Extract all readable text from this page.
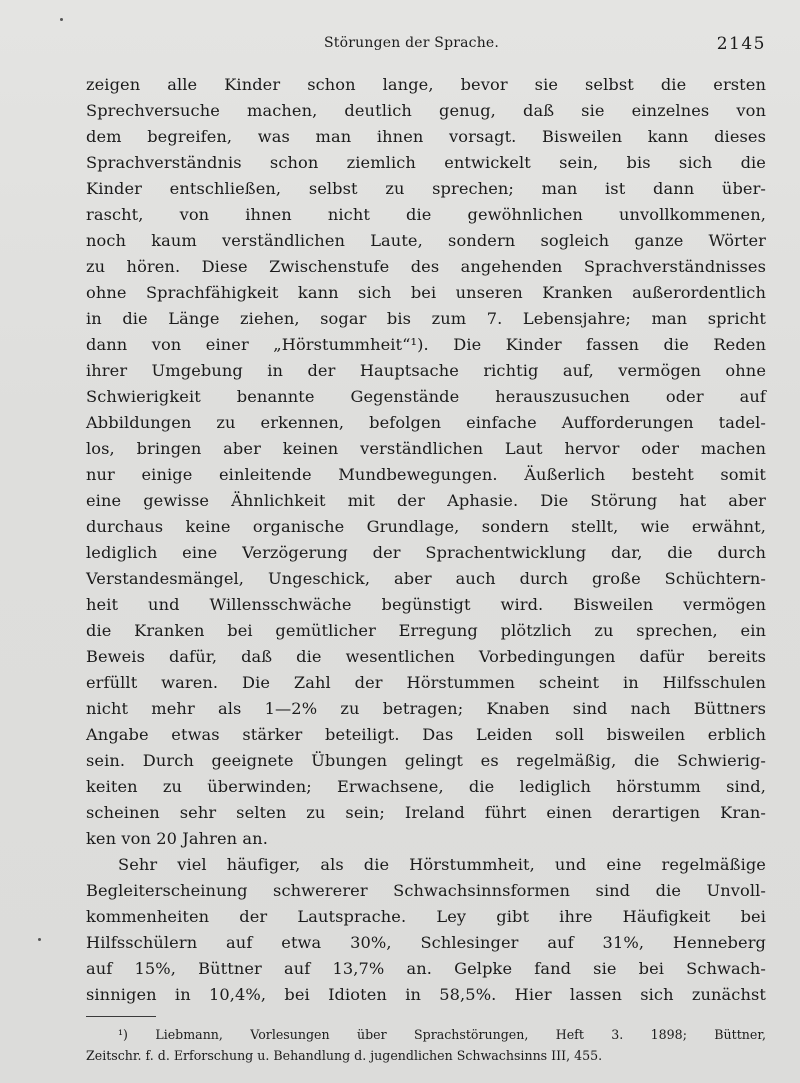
Störungen der Sprache.	2145
zeigen alle Kinder schon lange, bevor sie selbst die ersten
Sprechversuche machen, deutlich genug, daß sie einzelnes von
dem begreifen, was man ihnen vorsagt. Bisweilen kann dieses
Sprachverständnis schon ziemlich entwickelt sein, bis sich die
Kinder entschließen, selbst zu sprechen; man ist dann über-
rascht, von ihnen nicht die gewöhnlichen unvollkommenen,
noch kaum verständlichen Laute, sondern sogleich ganze Wörter
zu hören. Diese Zwischenstufe des angehenden Sprachverständnisses
ohne Sprachfähigkeit kann sich bei unseren Kranken außerordentlich
in die Länge ziehen, sogar bis zum 7. Lebensjahre; man spricht
dann von einer „Hörstummheit“¹). Die Kinder fassen die Reden
ihrer Umgebung in der Hauptsache richtig auf, vermögen ohne
Schwierigkeit benannte Gegenstände herauszusuchen oder auf
Abbildungen zu erkennen, befolgen einfache Aufforderungen tadel-
los, bringen aber keinen verständlichen Laut hervor oder machen
nur einige einleitende Mundbewegungen. Äußerlich besteht somit
eine gewisse Ähnlichkeit mit der Aphasie. Die Störung hat aber
durchaus keine organische Grundlage, sondern stellt, wie erwähnt,
lediglich eine Verzögerung der Sprachentwicklung dar, die durch
Verstandesmängel, Ungeschick, aber auch durch große Schüchtern-
heit und Willensschwäche begünstigt wird. Bisweilen vermögen
die Kranken bei gemütlicher Erregung plötzlich zu sprechen, ein
Beweis dafür, daß die wesentlichen Vorbedingungen dafür bereits
erfüllt waren. Die Zahl der Hörstummen scheint in Hilfsschulen
nicht mehr als 1—2% zu betragen; Knaben sind nach Büttners
Angabe etwas stärker beteiligt. Das Leiden soll bisweilen erblich
sein. Durch geeignete Übungen gelingt es regelmäßig, die Schwierig-
keiten zu überwinden; Erwachsene, die lediglich hörstumm sind,
scheinen sehr selten zu sein; Ireland führt einen derartigen Kran-
ken von 20 Jahren an.
Sehr viel häufiger, als die Hörstummheit, und eine regelmäßige
Begleiterscheinung schwererer Schwachsinnsformen sind die Unvoll-
kommenheiten der Lautsprache. Ley gibt ihre Häufigkeit bei
Hilfsschülern auf etwa 30%, Schlesinger auf 31%, Henneberg
auf 15%, Büttner auf 13,7% an. Gelpke fand sie bei Schwach-
sinnigen in 10,4%, bei Idioten in 58,5%. Hier lassen sich zunächst
¹) Liebmann, Vorlesungen über Sprachstörungen, Heft 3. 1898; Büttner,
Zeitschr. f. d. Erforschung u. Behandlung d. jugendlichen Schwachsinns III, 455.
